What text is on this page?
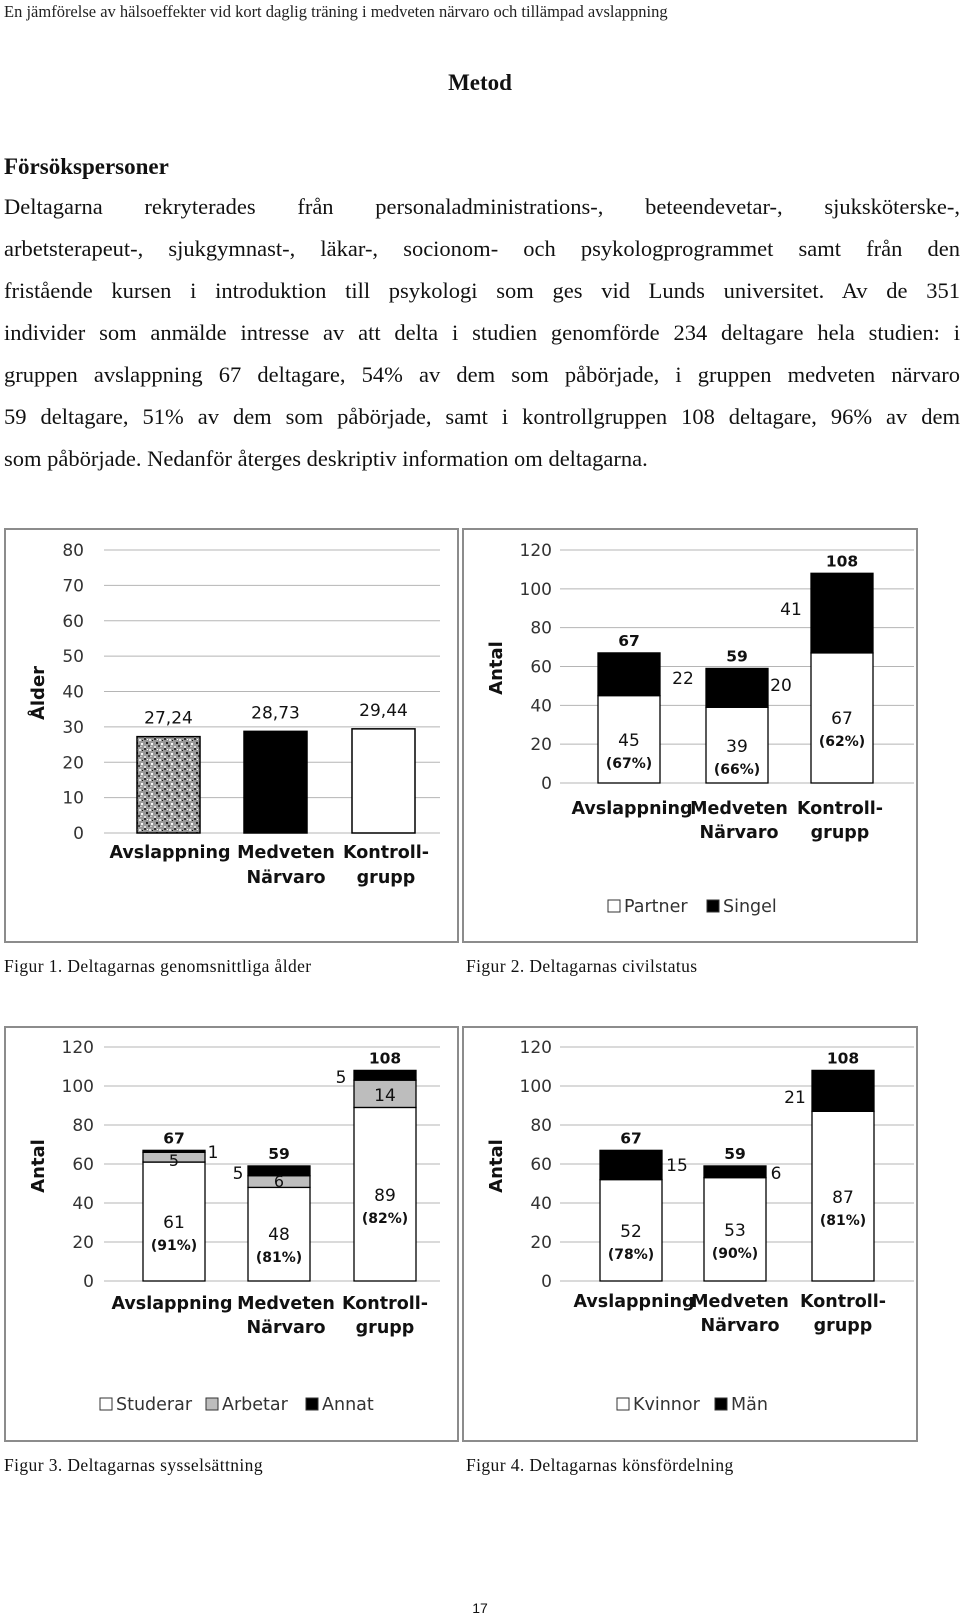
En jämförelse av hälsoeffekter vid kort daglig träning i medveten närvaro och tillämpad avslappning
Metod
Försökspersoner

Deltagarna rekryterades från personaladministrations-, beteendevetar-, sjuksköterske-,
arbetsterapeut-, sjukgymnast-, läkar-, socionom- och psykologprogrammet samt från den
fristående kursen i introduktion till psykologi som ges vid Lunds universitet. Av de 351
individer som anmälde intresse av att delta i studien genomförde 234 deltagare hela studien: i
gruppen avslappning 67 deltagare, 54% av dem som påbörjade, i gruppen medveten närvaro
59 deltagare, 51% av dem som påbörjade, samt i kontrollgruppen 108 deltagare, 96% av dem
som påbörjade. Nedanför återges deskriptiv information om deltagarna.

0
10
20
30
40
50
60
70
80
Ålder	27,24	28,73	29,44
Avslappning Medveten
Närvaro
Kontroll-
grupp
0
20
40
60
80
100
120
Antal
67
59
108
45
(67%)
39
(66%)
67
(62%)
22	20
41
Avslappning
Medveten
Närvaro
Kontroll-
grupp
Partner Singel
Figur 1. Deltagarnas genomsnittliga ålder	Figur 2. Deltagarnas civilstatus
0
20
40
60
80
100
120
Antal
67
59
108
61
(91%)
48
(81%)
89
(82%)
5
6
14
1
5
5
Avslappning Medveten
Närvaro
Kontroll-
grupp
Studerar Arbetar Annat
0
20
40
60
80
100
120
Antal
67
59
108
52
(78%)
53
(90%)
87
(81%)
15	6
21
Avslappning
Medveten
Närvaro
Kontroll-
grupp
Kvinnor Män
Figur 3. Deltagarnas sysselsättning	Figur 4. Deltagarnas könsfördelning
17
